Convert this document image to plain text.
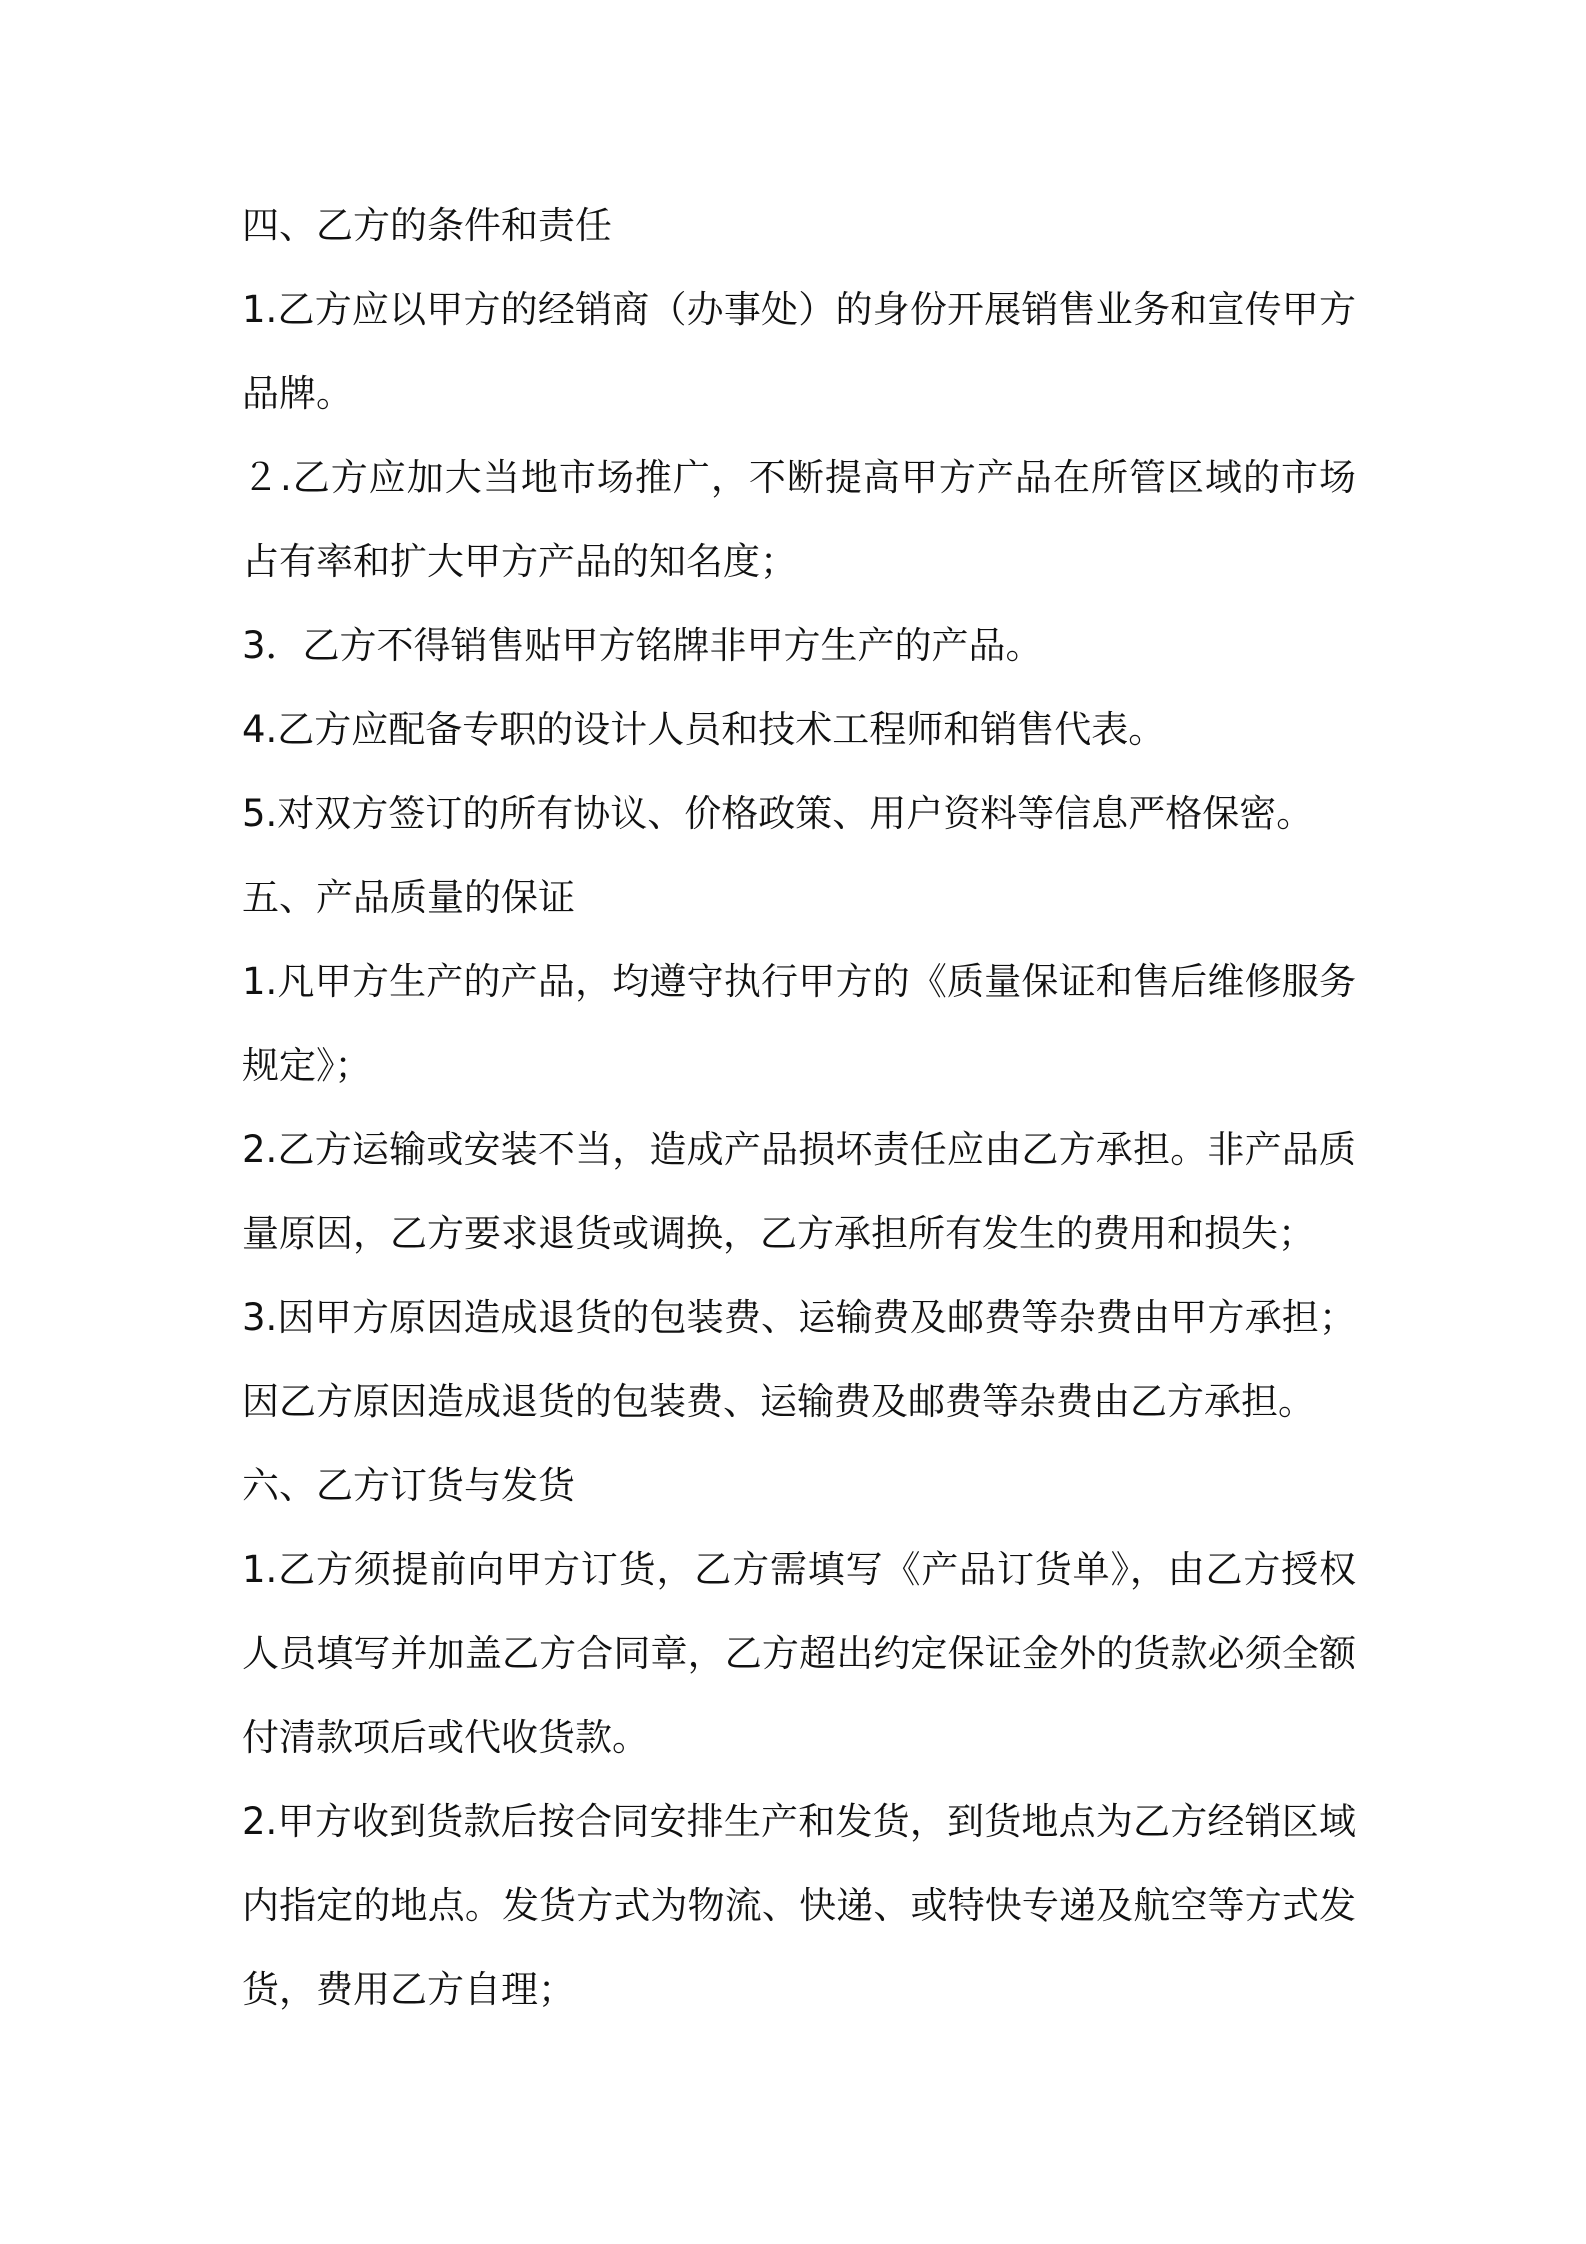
四、乙方的条件和责任
1.乙方应以甲方的经销商（办事处）的身份开展销售业务和宣传甲方
品牌。
２.乙方应加大当地市场推广，不断提高甲方产品在所管区域的市场
占有率和扩大甲方产品的知名度；
3．乙方不得销售贴甲方铭牌非甲方生产的产品。
4.乙方应配备专职的设计人员和技术工程师和销售代表。
5.对双方签订的所有协议、价格政策、用户资料等信息严格保密。
五、产品质量的保证
1.凡甲方生产的产品，均遵守执行甲方的《质量保证和售后维修服务
规定》；
2.乙方运输或安装不当，造成产品损坏责任应由乙方承担。非产品质
量原因，乙方要求退货或调换，乙方承担所有发生的费用和损失；
3.因甲方原因造成退货的包装费、运输费及邮费等杂费由甲方承担；
因乙方原因造成退货的包装费、运输费及邮费等杂费由乙方承担。
六、乙方订货与发货
1.乙方须提前向甲方订货，乙方需填写《产品订货单》，由乙方授权
人员填写并加盖乙方合同章，乙方超出约定保证金外的货款必须全额
付清款项后或代收货款。
2.甲方收到货款后按合同安排生产和发货，到货地点为乙方经销区域
内指定的地点。发货方式为物流、快递、或特快专递及航空等方式发
货，费用乙方自理；
